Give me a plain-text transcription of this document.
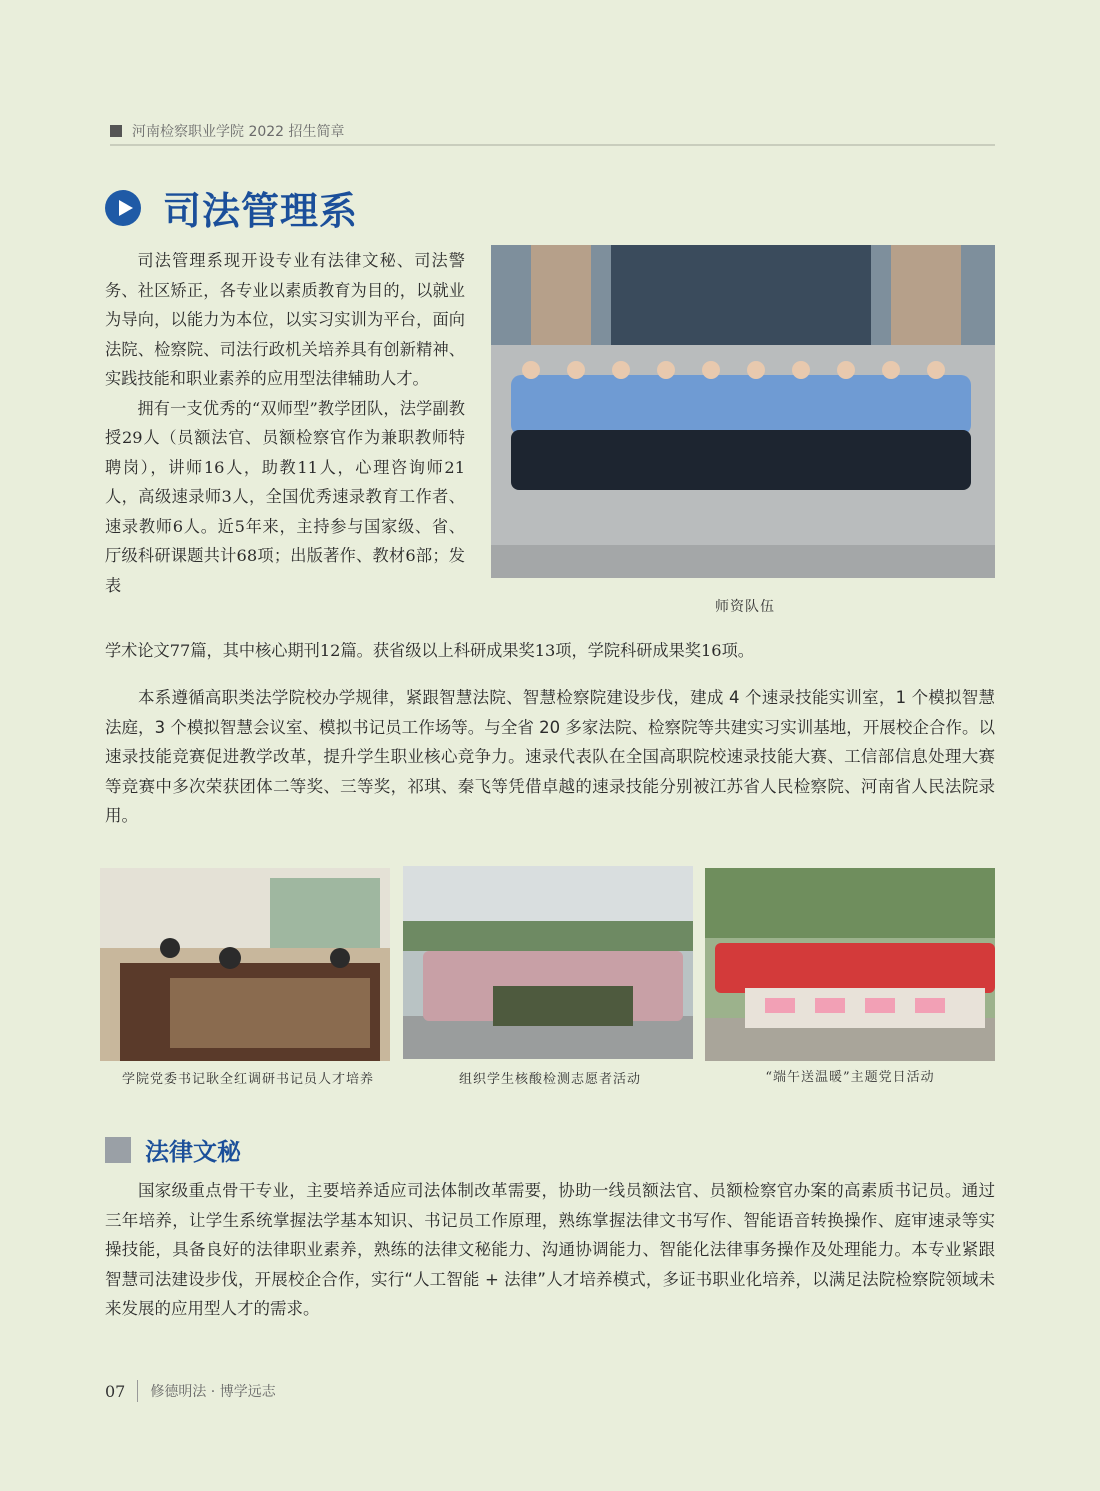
河南检察职业学院 2022 招生简章
司法管理系

司法管理系现开设专业有法律文秘、司法警务、社区矫正，各专业以素质教育为目的，以就业为导向，以能力为本位，以实习实训为平台，面向法院、检察院、司法行政机关培养具有创新精神、实践技能和职业素养的应用型法律辅助人才。

拥有一支优秀的“双师型”教学团队，法学副教授29人（员额法官、员额检察官作为兼职教师特聘岗），讲师16人，助教11人，心理咨询师21人，高级速录师3人，全国优秀速录教育工作者、速录教师6人。近5年来，主持参与国家级、省、厅级科研课题共计68项；出版著作、教材6部；发表

学术论文77篇，其中核心期刊12篇。获省级以上科研成果奖13项，学院科研成果奖16项。
师资队伍

本系遵循高职类法学院校办学规律，紧跟智慧法院、智慧检察院建设步伐，建成 4 个速录技能实训室，1 个模拟智慧法庭，3 个模拟智慧会议室、模拟书记员工作场等。与全省 20 多家法院、检察院等共建实习实训基地，开展校企合作。以速录技能竞赛促进教学改革，提升学生职业核心竞争力。速录代表队在全国高职院校速录技能大赛、工信部信息处理大赛等竞赛中多次荣获团体二等奖、三等奖，祁琪、秦飞等凭借卓越的速录技能分别被江苏省人民检察院、河南省人民法院录用。

学院党委书记耿全红调研书记员人才培养	组织学生核酸检测志愿者活动	“端午送温暖”主题党日活动
法律文秘

国家级重点骨干专业，主要培养适应司法体制改革需要，协助一线员额法官、员额检察官办案的高素质书记员。通过三年培养，让学生系统掌握法学基本知识、书记员工作原理，熟练掌握法律文书写作、智能语音转换操作、庭审速录等实操技能，具备良好的法律职业素养，熟练的法律文秘能力、沟通协调能力、智能化法律事务操作及处理能力。本专业紧跟智慧司法建设步伐，开展校企合作，实行“人工智能 + 法律”人才培养模式，多证书职业化培养，以满足法院检察院领域未来发展的应用型人才的需求。

07 修德明法 · 博学远志
